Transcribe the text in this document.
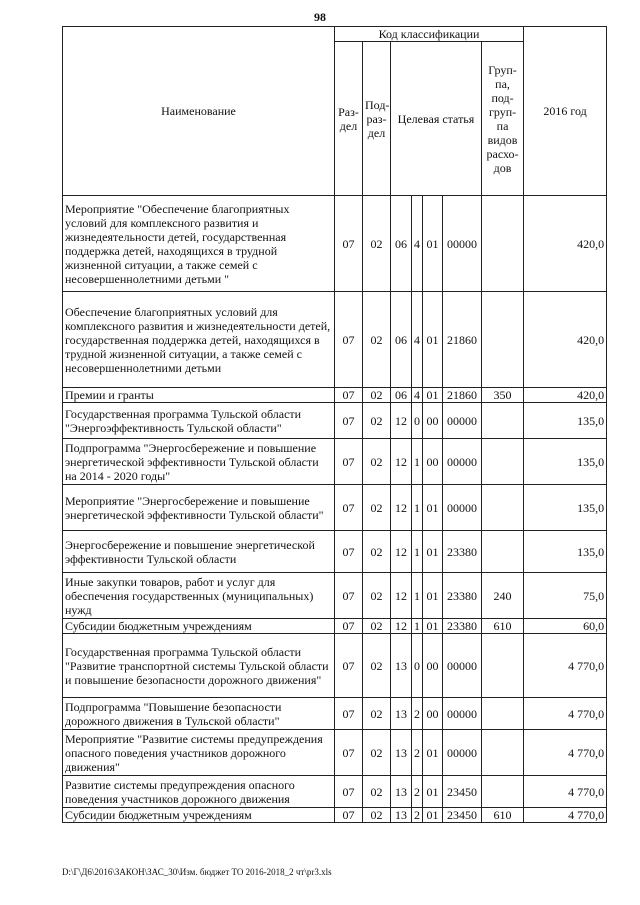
98
Наименование	Код классификации							2016 год
	Раз-дел	Под-раз-дел	Целевая статья				Груп-па, под-груп-па видов расхо-дов	
Мероприятие "Обеспечение благоприятных условий для комплексного развития и жизнедеятельности детей, государственная поддержка детей, находящихся в трудной жизненной ситуации, а также семей с несовершеннолетними детьми "	07	02	06	4	01	00000		420,0
Обеспечение благоприятных условий для комплексного развития и жизнедеятельности детей, государственная поддержка детей, находящихся в трудной жизненной ситуации, а также семей с несовершеннолетними детьми	07	02	06	4	01	21860		420,0
Премии и гранты	07	02	06	4	01	21860	350	420,0
Государственная программа Тульской области "Энергоэффективность Тульской области"	07	02	12	0	00	00000		135,0
Подпрограмма "Энергосбережение и повышение энергетической эффективности Тульской области на 2014 - 2020 годы"	07	02	12	1	00	00000		135,0
Мероприятие "Энергосбережение и повышение энергетической эффективности Тульской области"	07	02	12	1	01	00000		135,0
Энергосбережение и повышение энергетической эффективности Тульской области	07	02	12	1	01	23380		135,0
Иные закупки товаров, работ и услуг для обеспечения государственных (муниципальных) нужд	07	02	12	1	01	23380	240	75,0
Субсидии бюджетным учреждениям	07	02	12	1	01	23380	610	60,0
Государственная программа Тульской области "Развитие транспортной системы Тульской области и повышение безопасности дорожного движения"	07	02	13	0	00	00000		4 770,0
Подпрограмма "Повышение безопасности дорожного движения в Тульской области"	07	02	13	2	00	00000		4 770,0
Мероприятие "Развитие системы предупреждения опасного поведения участников дорожного движения"	07	02	13	2	01	00000		4 770,0
Развитие системы предупреждения опасного поведения участников дорожного движения	07	02	13	2	01	23450		4 770,0
Субсидии бюджетным учреждениям	07	02	13	2	01	23450	610	4 770,0
D:\Г\Д6\2016\ЗАКОН\ЗАС_30\Изм. бюджет ТО 2016-2018_2 чт\pr3.xls
